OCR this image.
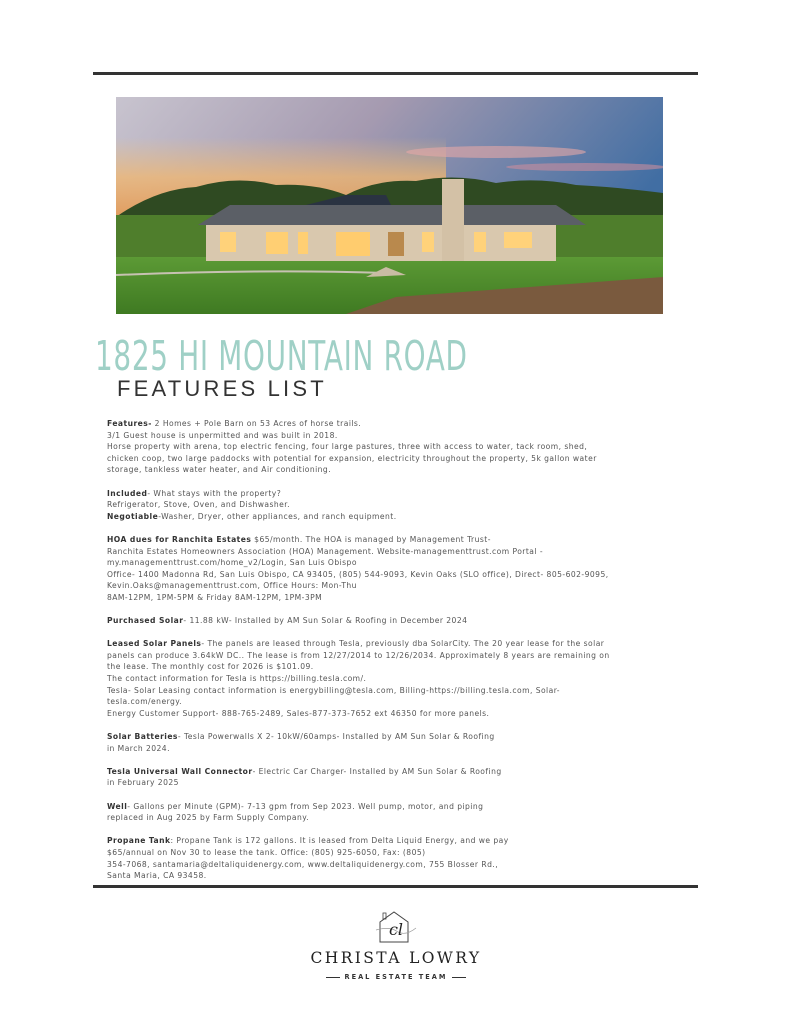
1825 HI MOUNTAIN ROAD
FEATURES LIST

Features- 2 Homes + Pole Barn on 53 Acres of horse trails.
3/1 Guest house is unpermitted and was built in 2018.
Horse property with arena, top electric fencing, four large pastures, three with access to water, tack room, shed,
chicken coop, two large paddocks with potential for expansion, electricity throughout the property, 5k gallon water
storage, tankless water heater, and Air conditioning.

Included- What stays with the property?
Refrigerator, Stove, Oven, and Dishwasher.
Negotiable-Washer, Dryer, other appliances, and ranch equipment.

HOA dues for Ranchita Estates $65/month. The HOA is managed by Management Trust-
Ranchita Estates Homeowners Association (HOA) Management. Website-managementtrust.com Portal -
my.managementtrust.com/home_v2/Login, San Luis Obispo
Office- 1400 Madonna Rd, San Luis Obispo, CA 93405, (805) 544-9093, Kevin Oaks (SLO office), Direct- 805-602-9095,
Kevin.Oaks@managementtrust.com, Office Hours: Mon-Thu
8AM-12PM, 1PM-5PM & Friday 8AM-12PM, 1PM-3PM

Purchased Solar- 11.88 kW- Installed by AM Sun Solar & Roofing in December 2024

Leased Solar Panels- The panels are leased through Tesla, previously dba SolarCity. The 20 year lease for the solar
panels can produce 3.64kW DC.. The lease is from 12/27/2014 to 12/26/2034. Approximately 8 years are remaining on
the lease. The monthly cost for 2026 is $101.09.
The contact information for Tesla is https://billing.tesla.com/.
Tesla- Solar Leasing contact information is energybilling@tesla.com, Billing-https://billing.tesla.com, Solar-
tesla.com/energy.
Energy Customer Support- 888-765-2489, Sales-877-373-7652 ext 46350 for more panels.

Solar Batteries- Tesla Powerwalls X 2- 10kW/60amps- Installed by AM Sun Solar & Roofing
in March 2024.

Tesla Universal Wall Connector- Electric Car Charger- Installed by AM Sun Solar & Roofing
in February 2025

Well- Gallons per Minute (GPM)- 7-13 gpm from Sep 2023. Well pump, motor, and piping
replaced in Aug 2025 by Farm Supply Company.

Propane Tank: Propane Tank is 172 gallons. It is leased from Delta Liquid Energy, and we pay
$65/annual on Nov 30 to lease the tank. Office: (805) 925-6050, Fax: (805)
354-7068, santamaria@deltaliquidenergy.com, www.deltaliquidenergy.com, 755 Blosser Rd.,
Santa Maria, CA 93458.

cl
CHRISTA LOWRY
REAL ESTATE TEAM
